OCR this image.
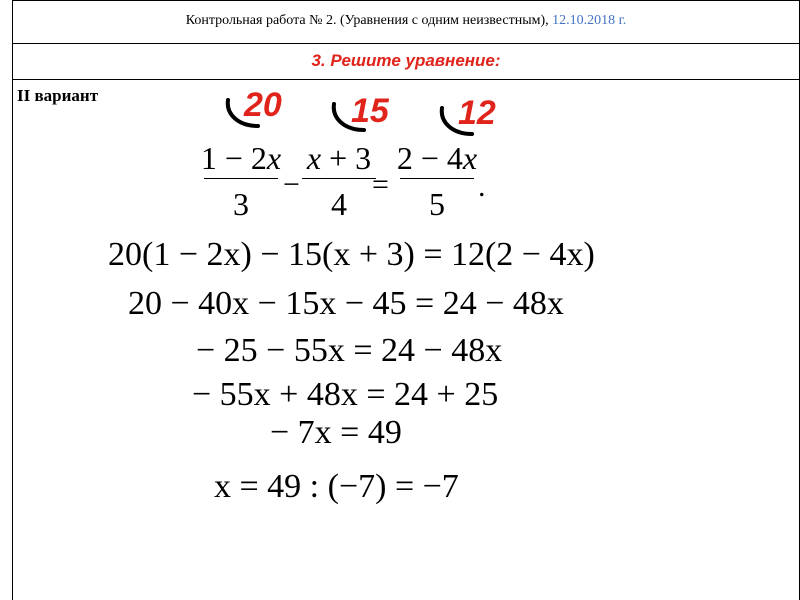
Контрольная работа № 2. (Уравнения с одним неизвестным), 12.10.2018 г.
3. Решите уравнение:
II вариант	20 15 12
1 − 2x
3
−
x + 3
4
=
2 − 4x
5	.
20(1 − 2x) − 15(x + 3) = 12(2 − 4x)
20 − 40x − 15x − 45 = 24 − 48x
− 25 − 55x = 24 − 48x
− 55x + 48x = 24 + 25
− 7x = 49
x = 49 : (−7) = −7
